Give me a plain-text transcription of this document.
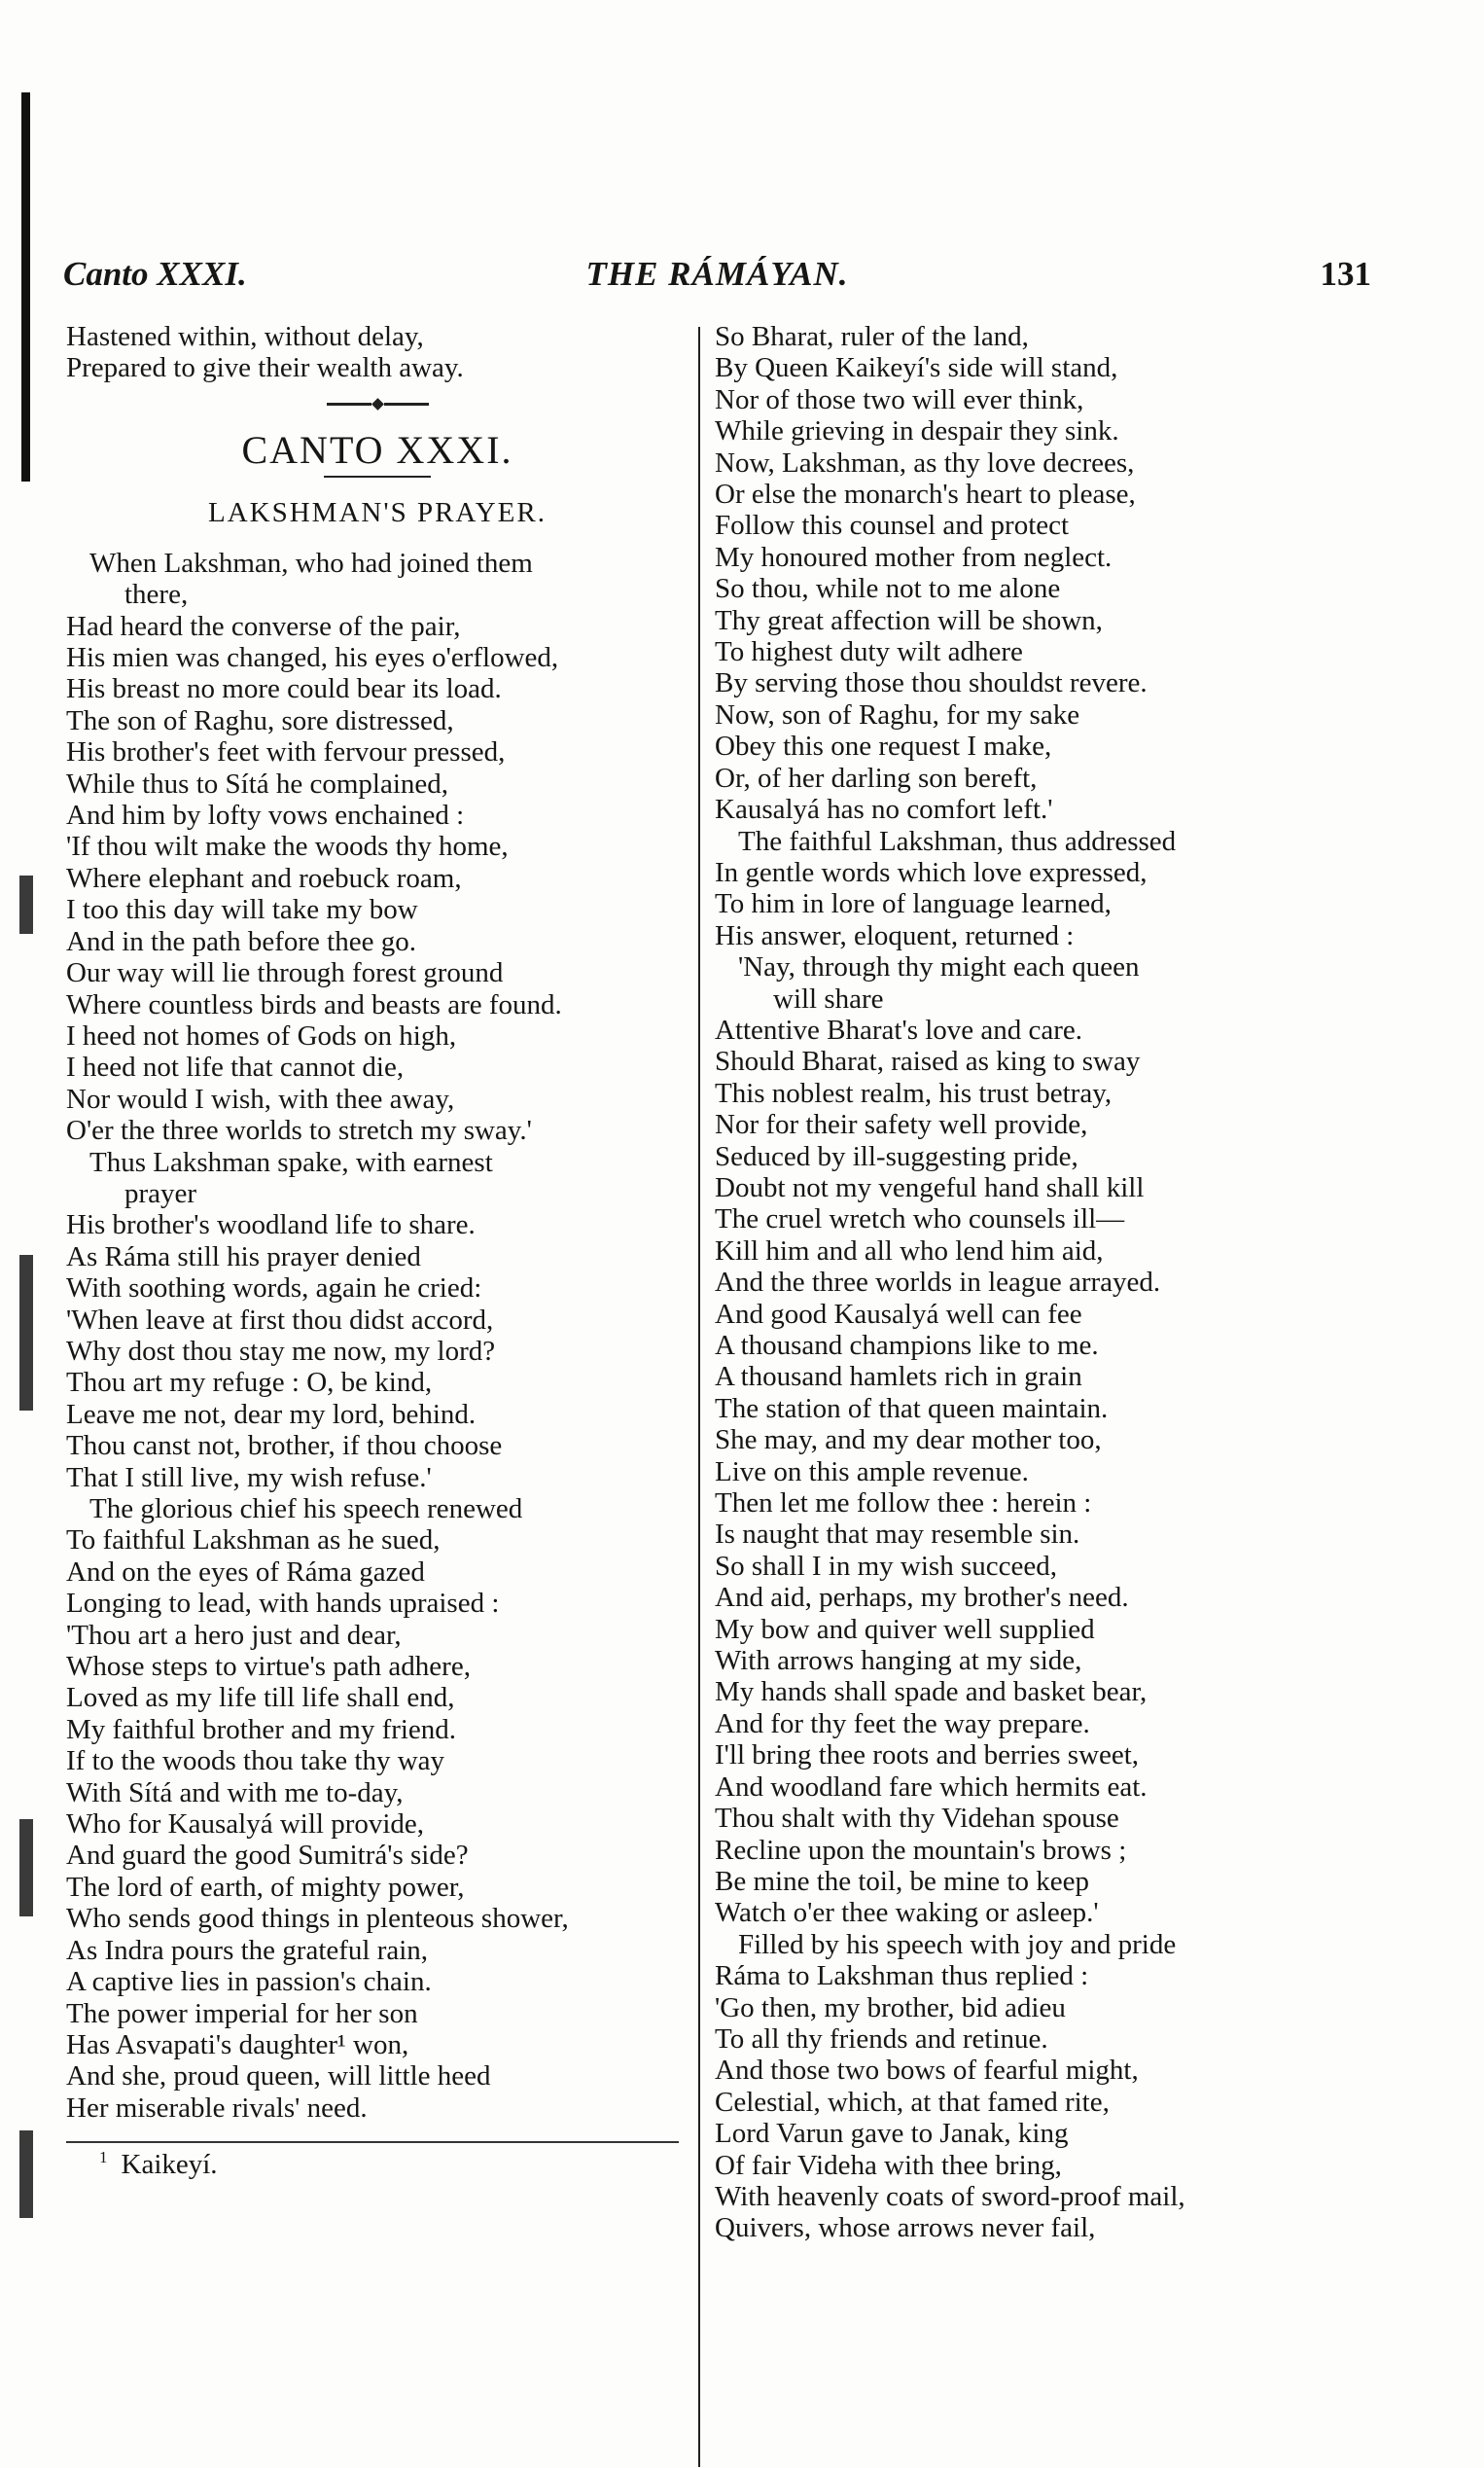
THE RÁMÁYAN.
Canto XXXI.	131
Hastened within, without delay,
Prepared to give their wealth away.
CANTO XXXI.
LAKSHMAN'S PRAYER.
When Lakshman, who had joined them
there,
Had heard the converse of the pair,
His mien was changed, his eyes o'erflowed,
His breast no more could bear its load.
The son of Raghu, sore distressed,
His brother's feet with fervour pressed,
While thus to Sítá he complained,
And him by lofty vows enchained :
'If thou wilt make the woods thy home,
Where elephant and roebuck roam,
I too this day will take my bow
And in the path before thee go.
Our way will lie through forest ground
Where countless birds and beasts are found.
I heed not homes of Gods on high,
I heed not life that cannot die,
Nor would I wish, with thee away,
O'er the three worlds to stretch my sway.'
Thus Lakshman spake, with earnest
prayer
His brother's woodland life to share.
As Ráma still his prayer denied
With soothing words, again he cried:
'When leave at first thou didst accord,
Why dost thou stay me now, my lord?
Thou art my refuge : O, be kind,
Leave me not, dear my lord, behind.
Thou canst not, brother, if thou choose
That I still live, my wish refuse.'
The glorious chief his speech renewed
To faithful Lakshman as he sued,
And on the eyes of Ráma gazed
Longing to lead, with hands upraised :
'Thou art a hero just and dear,
Whose steps to virtue's path adhere,
Loved as my life till life shall end,
My faithful brother and my friend.
If to the woods thou take thy way
With Sítá and with me to-day,
Who for Kausalyá will provide,
And guard the good Sumitrá's side?
The lord of earth, of mighty power,
Who sends good things in plenteous shower,
As Indra pours the grateful rain,
A captive lies in passion's chain.
The power imperial for her son
Has Asvapati's daughter¹ won,
And she, proud queen, will little heed
Her miserable rivals' need.
$^1$ Kaikeyí.
So Bharat, ruler of the land,
By Queen Kaikeyí's side will stand,
Nor of those two will ever think,
While grieving in despair they sink.
Now, Lakshman, as thy love decrees,
Or else the monarch's heart to please,
Follow this counsel and protect
My honoured mother from neglect.
So thou, while not to me alone
Thy great affection will be shown,
To highest duty wilt adhere
By serving those thou shouldst revere.
Now, son of Raghu, for my sake
Obey this one request I make,
Or, of her darling son bereft,
Kausalyá has no comfort left.'
The faithful Lakshman, thus addressed
In gentle words which love expressed,
To him in lore of language learned,
His answer, eloquent, returned :
'Nay, through thy might each queen
will share
Attentive Bharat's love and care.
Should Bharat, raised as king to sway
This noblest realm, his trust betray,
Nor for their safety well provide,
Seduced by ill-suggesting pride,
Doubt not my vengeful hand shall kill
The cruel wretch who counsels ill—
Kill him and all who lend him aid,
And the three worlds in league arrayed.
And good Kausalyá well can fee
A thousand champions like to me.
A thousand hamlets rich in grain
The station of that queen maintain.
She may, and my dear mother too,
Live on this ample revenue.
Then let me follow thee : herein :
Is naught that may resemble sin.
So shall I in my wish succeed,
And aid, perhaps, my brother's need.
My bow and quiver well supplied
With arrows hanging at my side,
My hands shall spade and basket bear,
And for thy feet the way prepare.
I'll bring thee roots and berries sweet,
And woodland fare which hermits eat.
Thou shalt with thy Videhan spouse
Recline upon the mountain's brows ;
Be mine the toil, be mine to keep
Watch o'er thee waking or asleep.'
Filled by his speech with joy and pride
Ráma to Lakshman thus replied :
'Go then, my brother, bid adieu
To all thy friends and retinue.
And those two bows of fearful might,
Celestial, which, at that famed rite,
Lord Varun gave to Janak, king
Of fair Videha with thee bring,
With heavenly coats of sword-proof mail,
Quivers, whose arrows never fail,
